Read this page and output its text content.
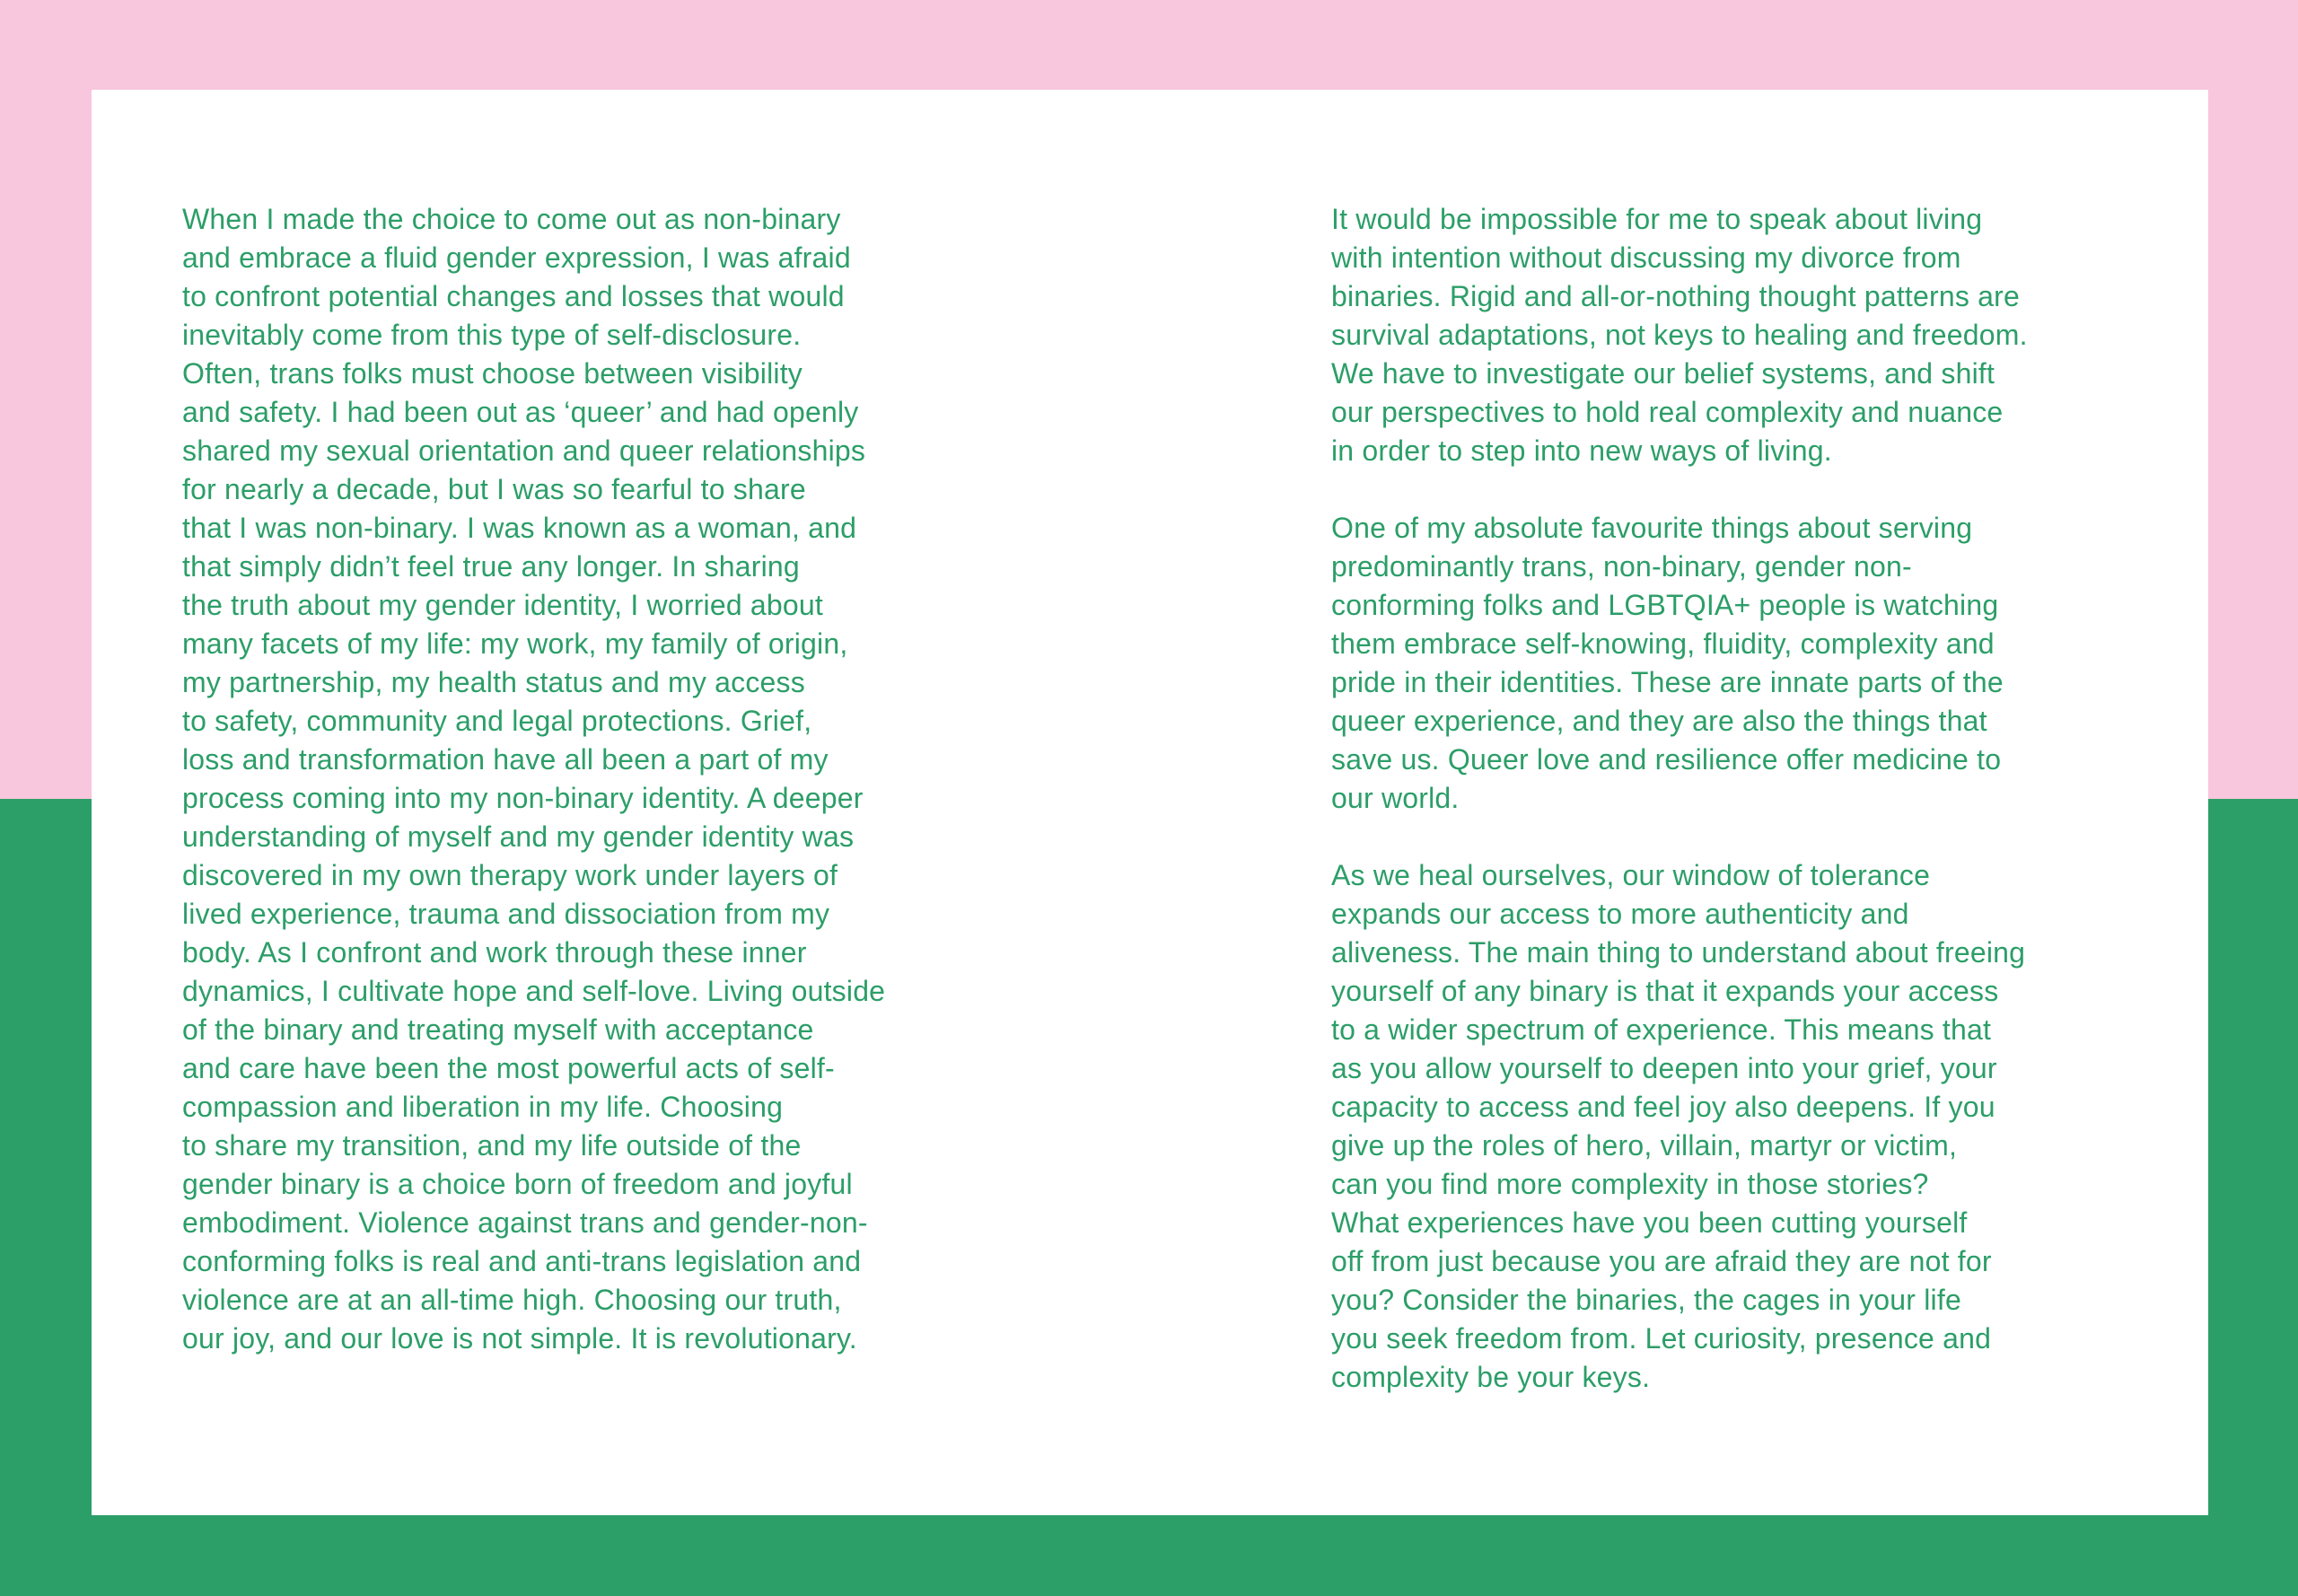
When I made the choice to come out as non-binary
and embrace a fluid gender expression, I was afraid
to confront potential changes and losses that would
inevitably come from this type of self-disclosure.
Often, trans folks must choose between visibility
and safety. I had been out as ‘queer’ and had openly
shared my sexual orientation and queer relationships
for nearly a decade, but I was so fearful to share
that I was non-binary. I was known as a woman, and
that simply didn’t feel true any longer. In sharing
the truth about my gender identity, I worried about
many facets of my life: my work, my family of origin,
my partnership, my health status and my access
to safety, community and legal protections. Grief,
loss and transformation have all been a part of my
process coming into my non-binary identity. A deeper
understanding of myself and my gender identity was
discovered in my own therapy work under layers of
lived experience, trauma and dissociation from my
body. As I confront and work through these inner
dynamics, I cultivate hope and self-love. Living outside
of the binary and treating myself with acceptance
and care have been the most powerful acts of self-
compassion and liberation in my life. Choosing
to share my transition, and my life outside of the
gender binary is a choice born of freedom and joyful
embodiment. Violence against trans and gender-non-
conforming folks is real and anti-trans legislation and
violence are at an all-time high. Choosing our truth,
our joy, and our love is not simple. It is revolutionary.
It would be impossible for me to speak about living
with intention without discussing my divorce from
binaries. Rigid and all-or-nothing thought patterns are
survival adaptations, not keys to healing and freedom.
We have to investigate our belief systems, and shift
our perspectives to hold real complexity and nuance
in order to step into new ways of living.
One of my absolute favourite things about serving
predominantly trans, non-binary, gender non-
conforming folks and LGBTQIA+ people is watching
them embrace self-knowing, fluidity, complexity and
pride in their identities. These are innate parts of the
queer experience, and they are also the things that
save us. Queer love and resilience offer medicine to
our world.
As we heal ourselves, our window of tolerance
expands our access to more authenticity and
aliveness. The main thing to understand about freeing
yourself of any binary is that it expands your access
to a wider spectrum of experience. This means that
as you allow yourself to deepen into your grief, your
capacity to access and feel joy also deepens. If you
give up the roles of hero, villain, martyr or victim,
can you find more complexity in those stories?
What experiences have you been cutting yourself
off from just because you are afraid they are not for
you? Consider the binaries, the cages in your life
you seek freedom from. Let curiosity, presence and
complexity be your keys.
